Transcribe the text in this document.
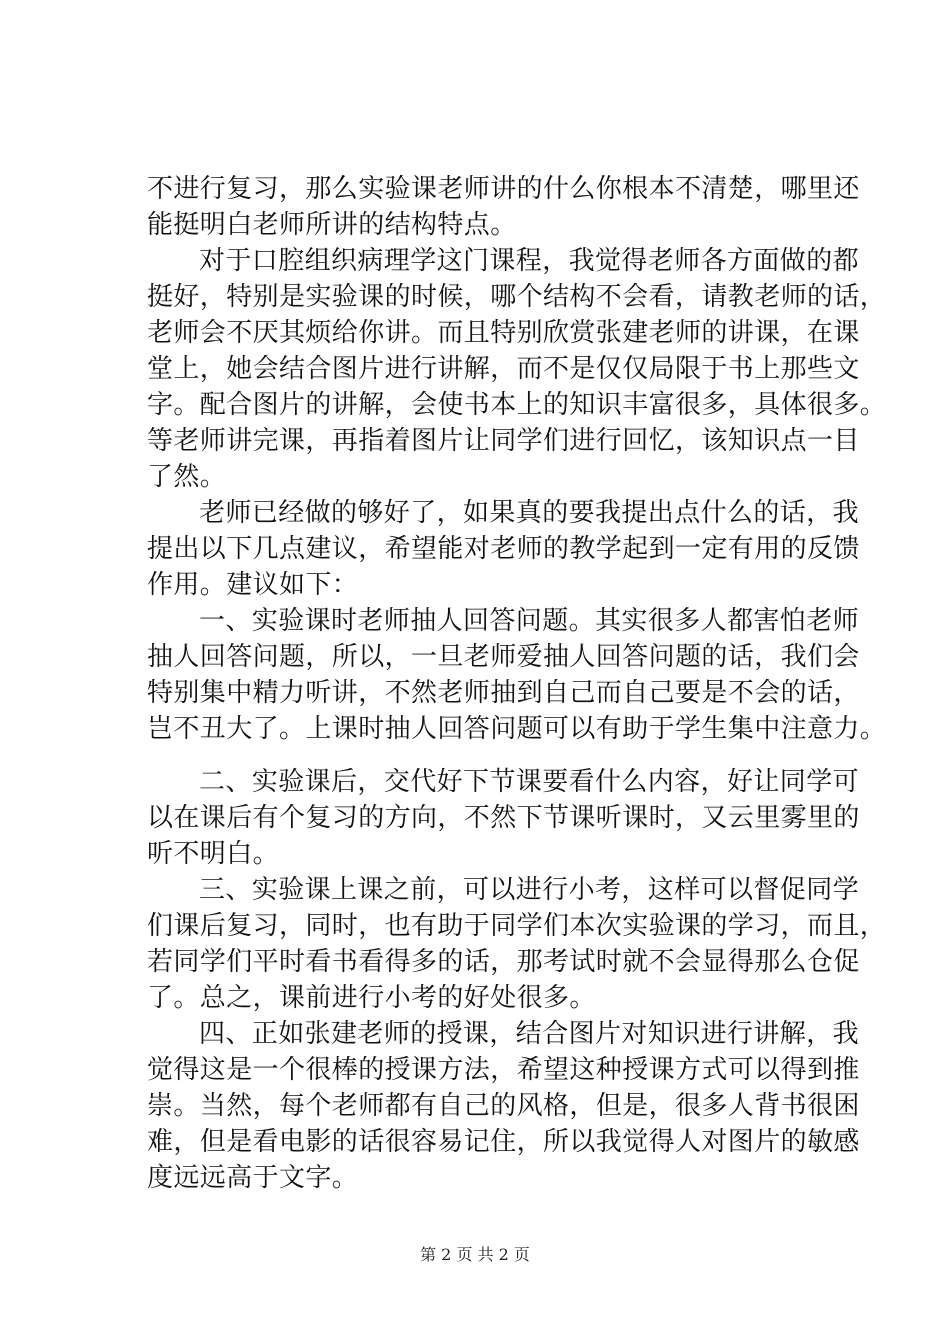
不进行复习，那么实验课老师讲的什么你根本不清楚，哪里还
能挺明白老师所讲的结构特点。
对于口腔组织病理学这门课程，我觉得老师各方面做的都
挺好，特别是实验课的时候，哪个结构不会看，请教老师的话，
老师会不厌其烦给你讲。而且特别欣赏张建老师的讲课，在课
堂上，她会结合图片进行讲解，而不是仅仅局限于书上那些文
字。配合图片的讲解，会使书本上的知识丰富很多，具体很多。
等老师讲完课，再指着图片让同学们进行回忆，该知识点一目
了然。
老师已经做的够好了，如果真的要我提出点什么的话，我
提出以下几点建议，希望能对老师的教学起到一定有用的反馈
作用。建议如下：
一、实验课时老师抽人回答问题。其实很多人都害怕老师
抽人回答问题，所以，一旦老师爱抽人回答问题的话，我们会
特别集中精力听讲，不然老师抽到自己而自己要是不会的话，
岂不丑大了。上课时抽人回答问题可以有助于学生集中注意力。
二、实验课后，交代好下节课要看什么内容，好让同学可
以在课后有个复习的方向，不然下节课听课时，又云里雾里的
听不明白。
三、实验课上课之前，可以进行小考，这样可以督促同学
们课后复习，同时，也有助于同学们本次实验课的学习，而且，
若同学们平时看书看得多的话，那考试时就不会显得那么仓促
了。总之，课前进行小考的好处很多。
四、正如张建老师的授课，结合图片对知识进行讲解，我
觉得这是一个很棒的授课方法，希望这种授课方式可以得到推
崇。当然，每个老师都有自己的风格，但是，很多人背书很困
难，但是看电影的话很容易记住，所以我觉得人对图片的敏感
度远远高于文字。
第 2 页 共 2 页
